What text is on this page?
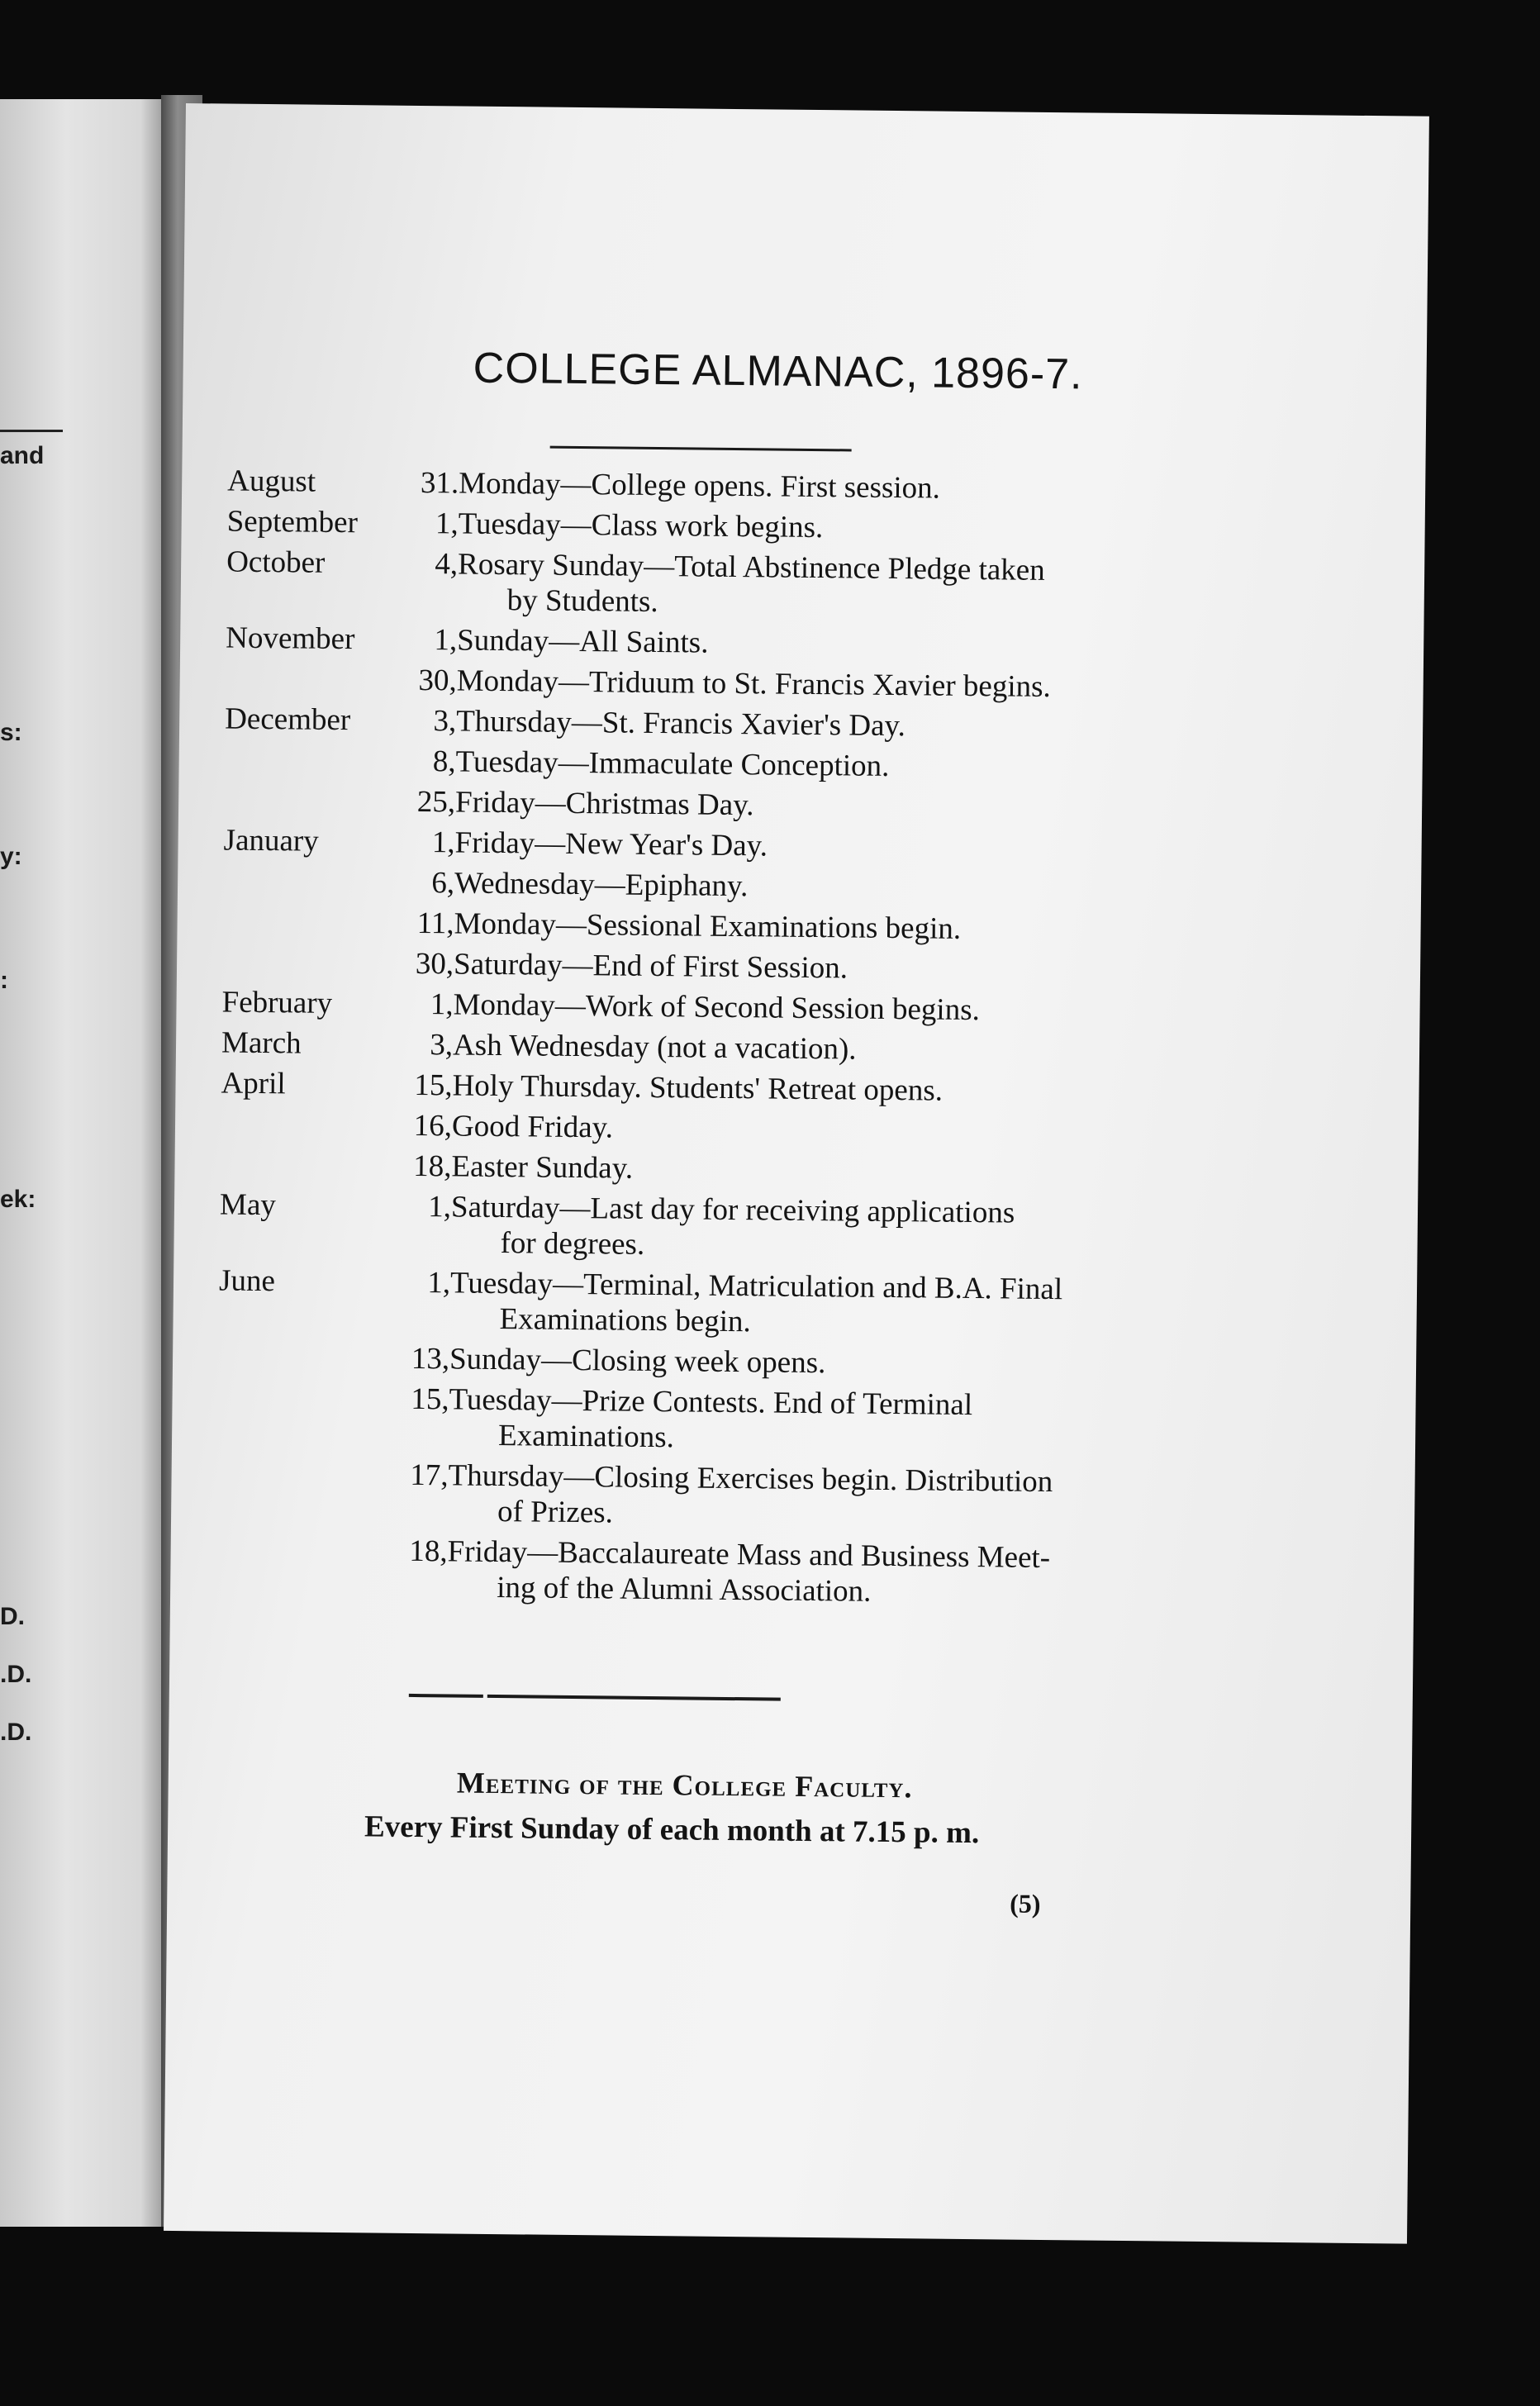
and
s:
y:
:
ek:
D.
.D.
.D.
COLLEGE ALMANAC, 1896-7.
August	31. Monday—College opens. First session.
September	1, Tuesday—Class work begins.
October	4, Rosary Sunday—Total Abstinence Pledge taken
by Students.
November	1, Sunday—All Saints.
30, Monday—Triduum to St. Francis Xavier begins.
December	3, Thursday—St. Francis Xavier's Day.
8, Tuesday—Immaculate Conception.
25, Friday—Christmas Day.
January	1, Friday—New Year's Day.
6, Wednesday—Epiphany.
11, Monday—Sessional Examinations begin.
30, Saturday—End of First Session.
February	1, Monday—Work of Second Session begins.
March	3, Ash Wednesday (not a vacation).
April	15, Holy Thursday. Students' Retreat opens.
16, Good Friday.
18, Easter Sunday.
May	1, Saturday—Last day for receiving applications
for degrees.
June	1, Tuesday—Terminal, Matriculation and B.A. Final
Examinations begin.
13, Sunday—Closing week opens.
15, Tuesday—Prize Contests. End of Terminal
Examinations.
17, Thursday—Closing Exercises begin. Distribution
of Prizes.
18, Friday—Baccalaureate Mass and Business Meet-
ing of the Alumni Association.
Meeting of the College Faculty.
Every First Sunday of each month at 7.15 p. m.
(5)
